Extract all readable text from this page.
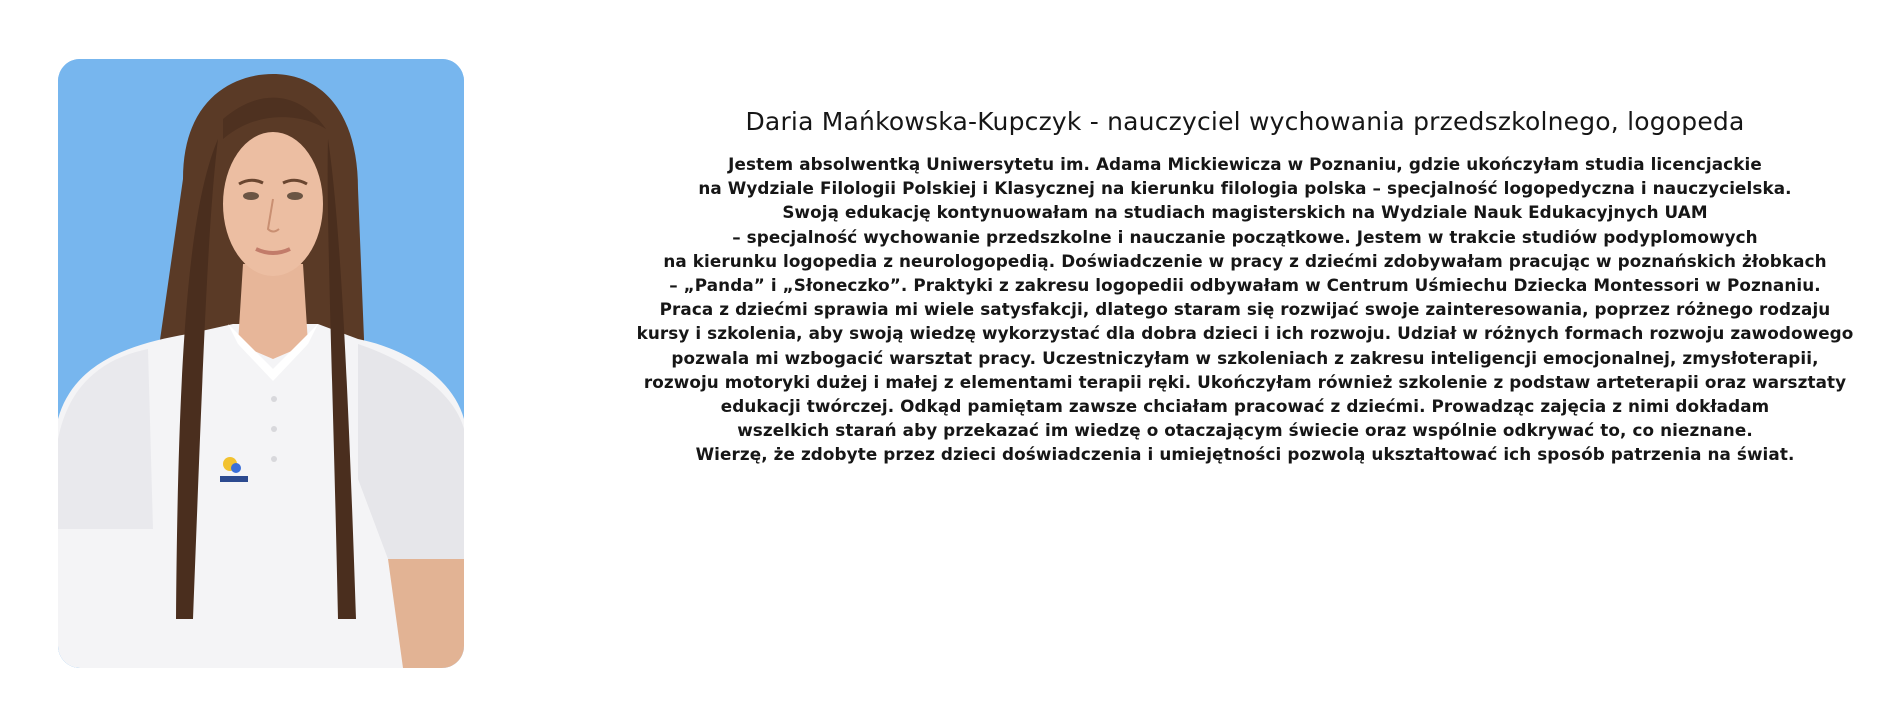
Daria Mańkowska-Kupczyk - nauczyciel wychowania przedszkolnego, logopeda
Jestem absolwentką Uniwersytetu im. Adama Mickiewicza w Poznaniu, gdzie ukończyłam studia licencjackie
na Wydziale Filologii Polskiej i Klasycznej na kierunku filologia polska – specjalność logopedyczna i nauczycielska.
Swoją edukację kontynuowałam na studiach magisterskich na Wydziale Nauk Edukacyjnych UAM
– specjalność wychowanie przedszkolne i nauczanie początkowe. Jestem w trakcie studiów podyplomowych
na kierunku logopedia z neurologopedią. Doświadczenie w pracy z dziećmi zdobywałam pracując w poznańskich żłobkach
– „Panda” i „Słoneczko”. Praktyki z zakresu logopedii odbywałam w Centrum Uśmiechu Dziecka Montessori w Poznaniu.
Praca z dziećmi sprawia mi wiele satysfakcji, dlatego staram się rozwijać swoje zainteresowania, poprzez różnego rodzaju
kursy i szkolenia, aby swoją wiedzę wykorzystać dla dobra dzieci i ich rozwoju. Udział w różnych formach rozwoju zawodowego
pozwala mi wzbogacić warsztat pracy. Uczestniczyłam w szkoleniach z zakresu inteligencji emocjonalnej, zmysłoterapii,
rozwoju motoryki dużej i małej z elementami terapii ręki. Ukończyłam również szkolenie z podstaw arteterapii oraz warsztaty
edukacji twórczej. Odkąd pamiętam zawsze chciałam pracować z dziećmi. Prowadząc zajęcia z nimi dokładam
wszelkich starań aby przekazać im wiedzę o otaczającym świecie oraz wspólnie odkrywać to, co nieznane.
Wierzę, że zdobyte przez dzieci doświadczenia i umiejętności pozwolą ukształtować ich sposób patrzenia na świat.
